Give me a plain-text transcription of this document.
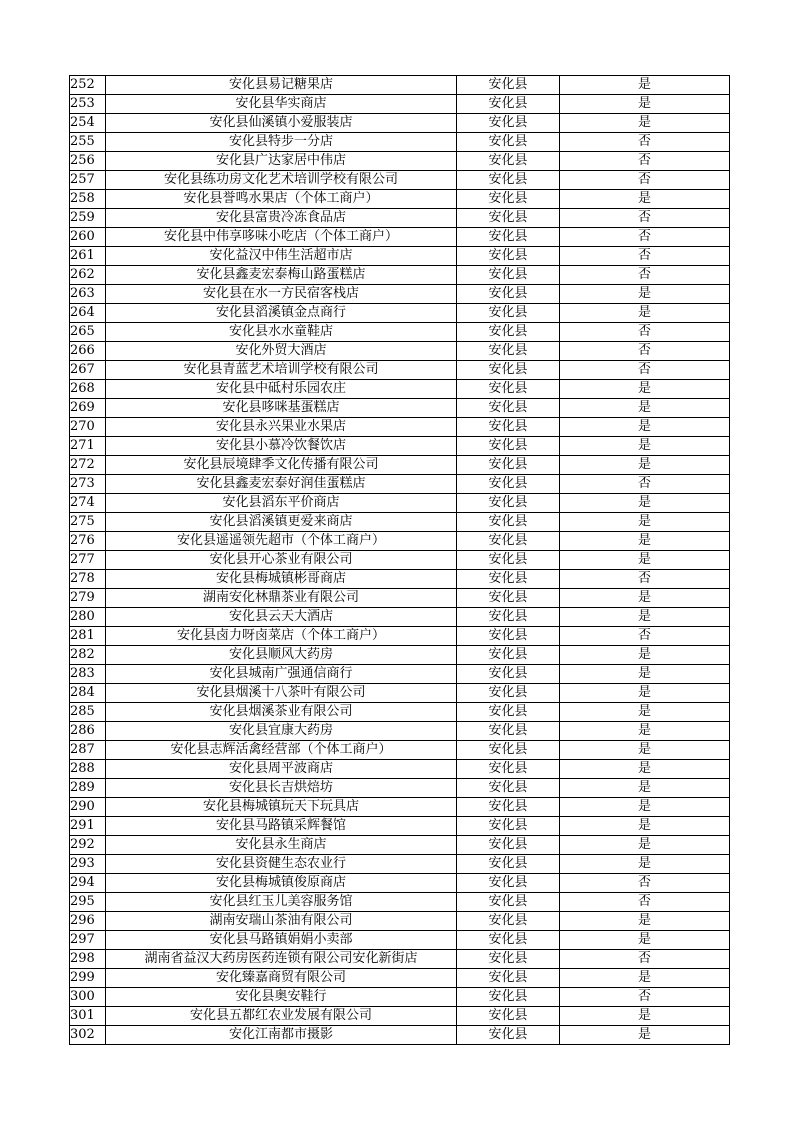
252	安化县易记糖果店	安化县	是
253	安化县华实商店	安化县	是
254	安化县仙溪镇小爱服装店	安化县	是
255	安化县特步一分店	安化县	否
256	安化县广达家居中伟店	安化县	否
257	安化县练功房文化艺术培训学校有限公司	安化县	否
258	安化县誉鸣水果店（个体工商户）	安化县	是
259	安化县富贵冷冻食品店	安化县	否
260	安化县中伟享哆味小吃店（个体工商户）	安化县	否
261	安化益汉中伟生活超市店	安化县	否
262	安化县鑫麦宏泰梅山路蛋糕店	安化县	否
263	安化县在水一方民宿客栈店	安化县	是
264	安化县滔溪镇金点商行	安化县	是
265	安化县水水童鞋店	安化县	否
266	安化外贸大酒店	安化县	否
267	安化县青蓝艺术培训学校有限公司	安化县	否
268	安化县中砥村乐园农庄	安化县	是
269	安化县哆咪基蛋糕店	安化县	是
270	安化县永兴果业水果店	安化县	是
271	安化县小慕冷饮餐饮店	安化县	是
272	安化县辰境肆季文化传播有限公司	安化县	是
273	安化县鑫麦宏泰好润佳蛋糕店	安化县	否
274	安化县滔东平价商店	安化县	是
275	安化县滔溪镇更爱来商店	安化县	是
276	安化县遥遥领先超市（个体工商户）	安化县	是
277	安化县开心茶业有限公司	安化县	是
278	安化县梅城镇彬哥商店	安化县	否
279	湖南安化林鼎茶业有限公司	安化县	是
280	安化县云天大酒店	安化县	是
281	安化县卤力呀卤菜店（个体工商户）	安化县	否
282	安化县顺风大药房	安化县	是
283	安化县城南广强通信商行	安化县	是
284	安化县烟溪十八茶叶有限公司	安化县	是
285	安化县烟溪茶业有限公司	安化县	是
286	安化县宜康大药房	安化县	是
287	安化县志辉活禽经营部（个体工商户）	安化县	是
288	安化县周平波商店	安化县	是
289	安化县长吉烘焙坊	安化县	是
290	安化县梅城镇玩天下玩具店	安化县	是
291	安化县马路镇采辉餐馆	安化县	是
292	安化县永生商店	安化县	是
293	安化县资健生态农业行	安化县	是
294	安化县梅城镇俊原商店	安化县	否
295	安化县红玉儿美容服务馆	安化县	否
296	湖南安瑞山茶油有限公司	安化县	是
297	安化县马路镇娟娟小卖部	安化县	是
298	湖南省益汉大药房医药连锁有限公司安化新街店	安化县	否
299	安化臻嘉商贸有限公司	安化县	是
300	安化县奥安鞋行	安化县	否
301	安化县五都红农业发展有限公司	安化县	是
302	安化江南都市摄影	安化县	是
